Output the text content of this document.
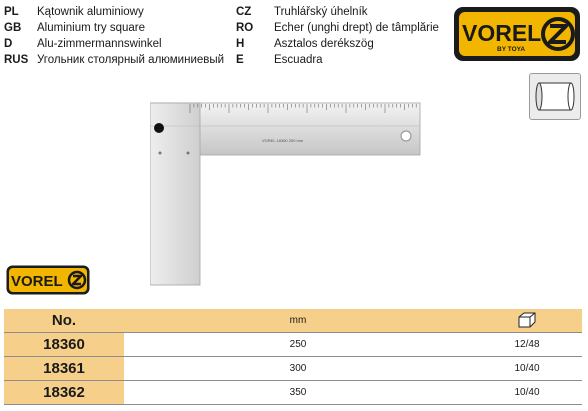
PL	Kątownik aluminiowy
GB	Aluminium try square
D	Alu-zimmermannswinkel
RUS Угольник столярный алюминиевый
CZ	Truhlářský úhelník
RO	Echer (unghi drept) de tâmplărie
H	Asztalos derékszög
E	Escuadra
VOREL
BY TOYA
VOREL 18360 250 mm
VOREL
No.	mm	
18360	250	12/48
18361	300	10/40
18362	350	10/40
